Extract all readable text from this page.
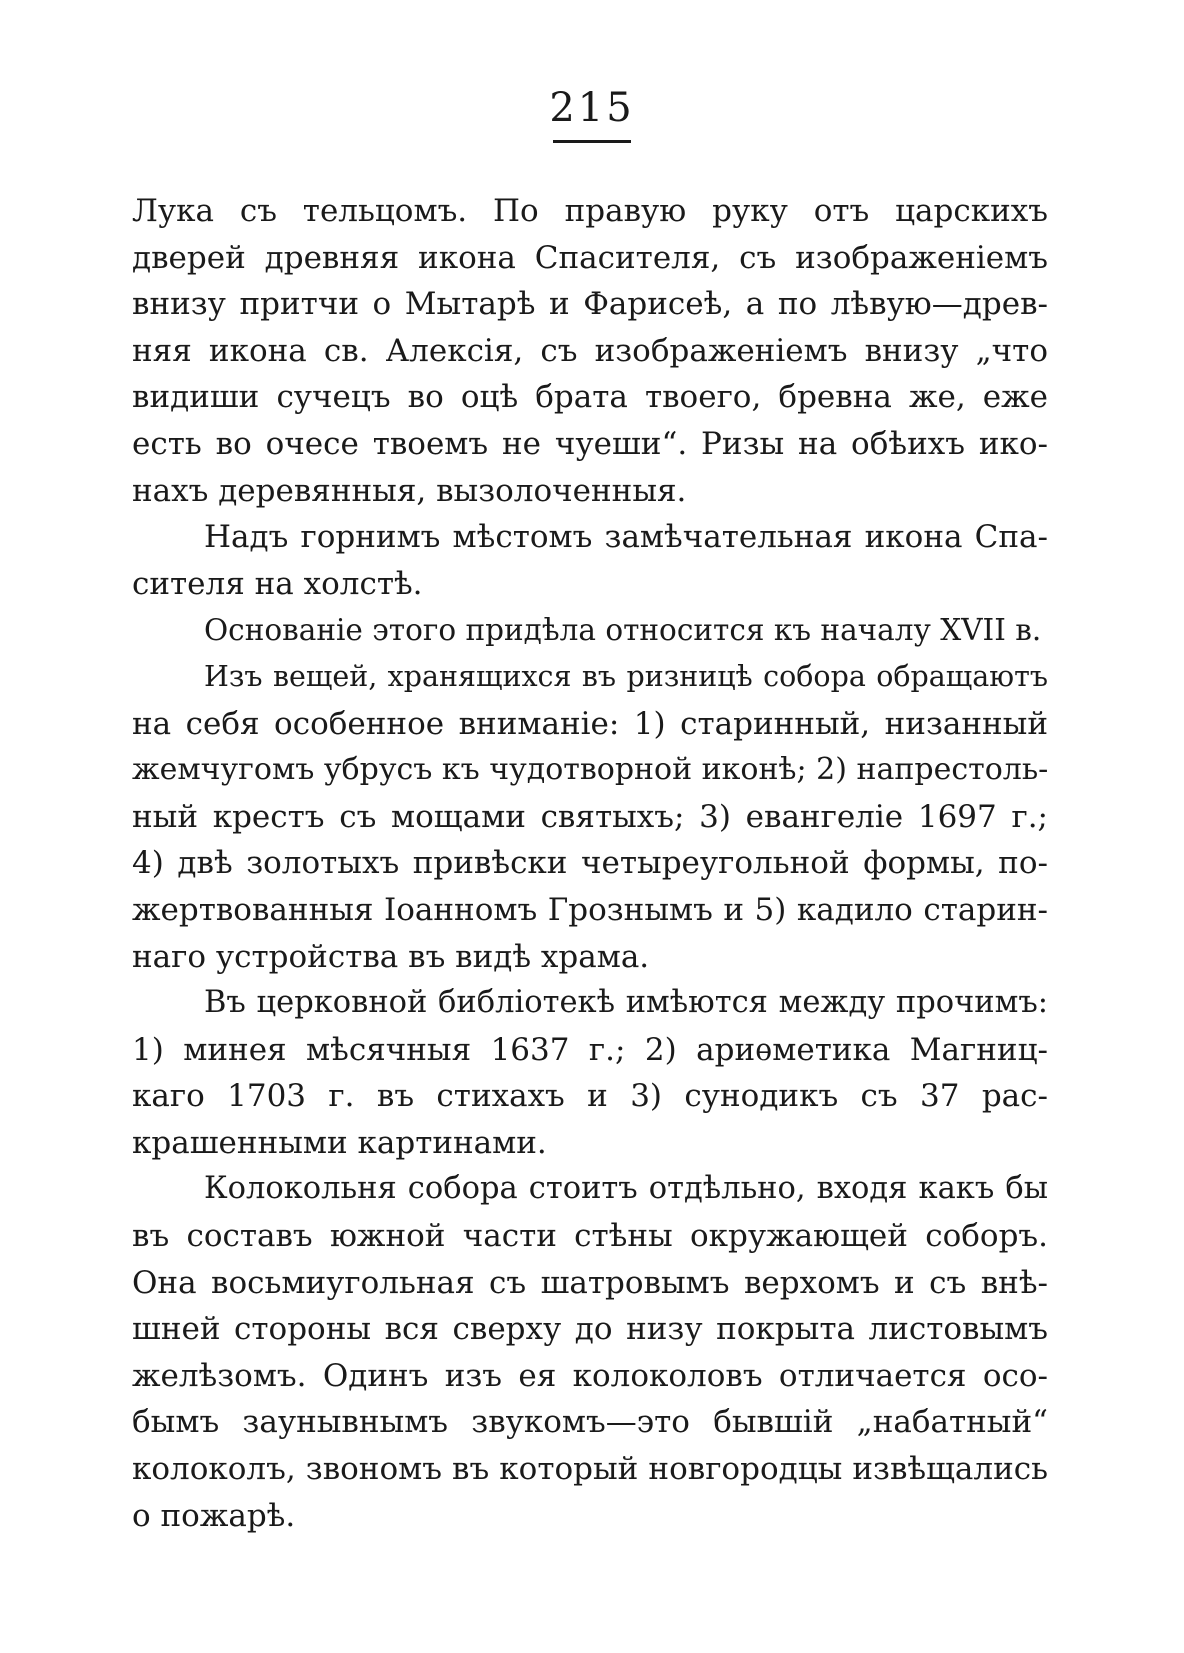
215
Лука съ тельцомъ. По правую руку отъ царскихъ
дверей древняя икона Спасителя, съ изображеніемъ
внизу притчи о Мытарѣ и Фарисеѣ, а по лѣвую—древ-
няя икона св. Алексія, съ изображеніемъ внизу „что
видиши сучецъ во оцѣ брата твоего, бревна же, еже
есть во очесе твоемъ не чуеши“. Ризы на обѣихъ ико-
нахъ деревянныя, вызолоченныя.
Надъ горнимъ мѣстомъ замѣчательная икона Спа-
сителя на холстѣ.
Основаніе этого придѣла относится къ началу XVII в.
Изъ вещей, хранящихся въ ризницѣ собора обращаютъ
на себя особенное вниманіе: 1) старинный, низанный
жемчугомъ убрусъ къ чудотворной иконѣ; 2) напрестоль-
ный крестъ съ мощами святыхъ; 3) евангеліе 1697 г.;
4) двѣ золотыхъ привѣски четыреугольной формы, по-
жертвованныя Іоанномъ Грознымъ и 5) кадило старин-
наго устройства въ видѣ храма.
Въ церковной библіотекѣ имѣются между прочимъ:
1) минея мѣсячныя 1637 г.; 2) ариѳметика Магниц-
каго 1703 г. въ стихахъ и 3) сунодикъ съ 37 рас-
крашенными картинами.
Колокольня собора стоитъ отдѣльно, входя какъ бы
въ составъ южной части стѣны окружающей соборъ.
Она восьмиугольная съ шатровымъ верхомъ и съ внѣ-
шней стороны вся сверху до низу покрыта листовымъ
желѣзомъ. Одинъ изъ ея колоколовъ отличается осо-
бымъ заунывнымъ звукомъ—это бывшій „набатный“
колоколъ, звономъ въ который новгородцы извѣщались
о пожарѣ.
